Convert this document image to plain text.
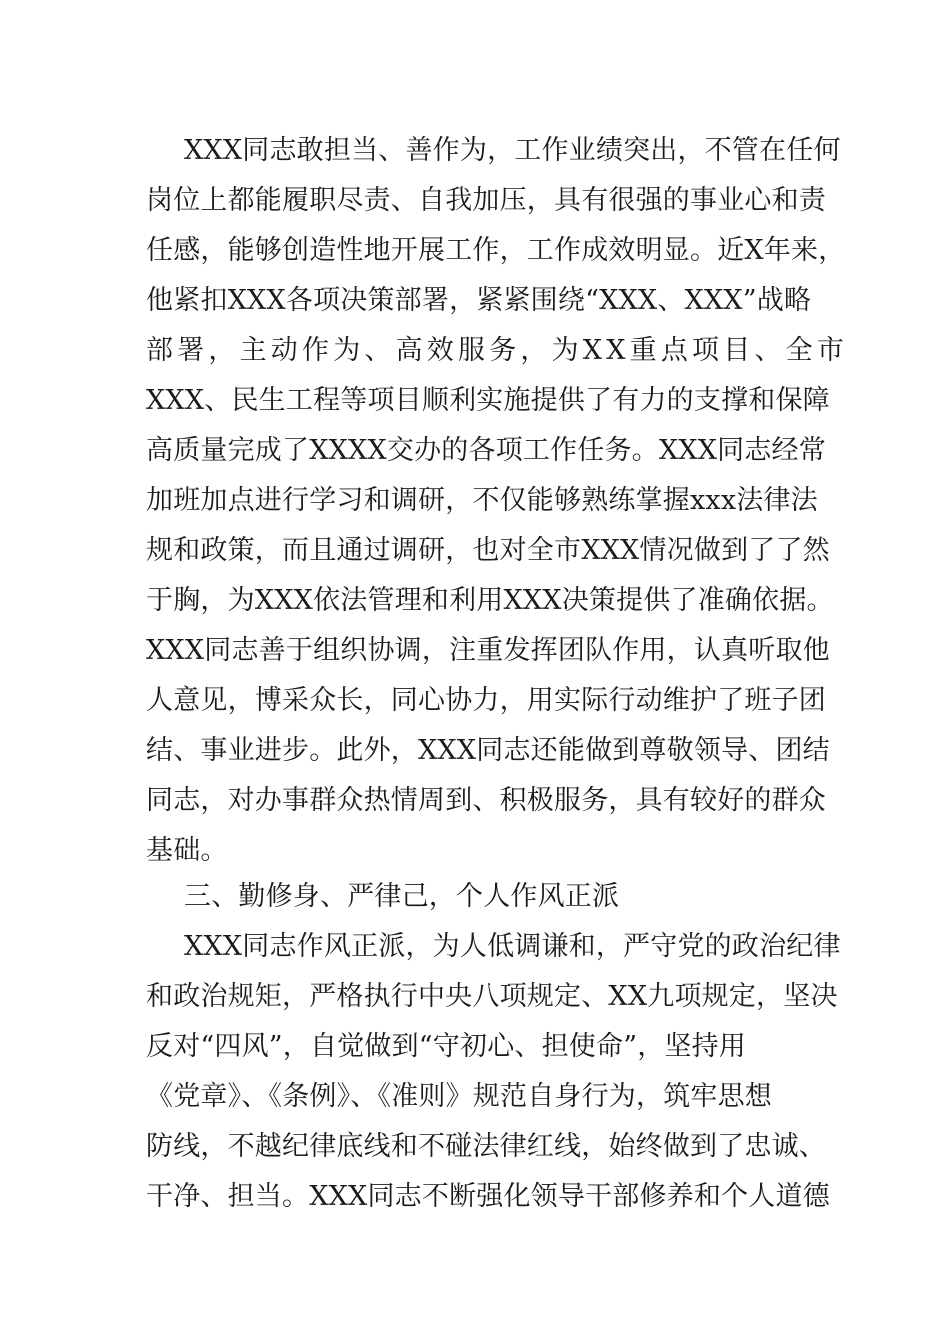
XXX同志敢担当、善作为，工作业绩突出，不管在任何
岗位上都能履职尽责、自我加压，具有很强的事业心和责
任感，能够创造性地开展工作，工作成效明显。近X年来，
他紧扣XXX各项决策部署，紧紧围绕“XXX、XXX”战略
部署，主动作为、高效服务，为XX重点项目、全市
XXX、民生工程等项目顺利实施提供了有力的支撑和保障
高质量完成了XXXX交办的各项工作任务。XXX同志经常
加班加点进行学习和调研，不仅能够熟练掌握xxx法律法
规和政策，而且通过调研，也对全市XXX情况做到了了然
于胸，为XXX依法管理和利用XXX决策提供了准确依据。
XXX同志善于组织协调，注重发挥团队作用，认真听取他
人意见，博采众长，同心协力，用实际行动维护了班子团
结、事业进步。此外，XXX同志还能做到尊敬领导、团结
同志，对办事群众热情周到、积极服务，具有较好的群众
基础。
三、勤修身、严律己，个人作风正派
XXX同志作风正派，为人低调谦和，严守党的政治纪律
和政治规矩，严格执行中央八项规定、XX九项规定，坚决
反对“四风”，自觉做到“守初心、担使命”，坚持用
《党章》、《条例》、《准则》规范自身行为，筑牢思想
防线，不越纪律底线和不碰法律红线，始终做到了忠诚、
干净、担当。XXX同志不断强化领导干部修养和个人道德
